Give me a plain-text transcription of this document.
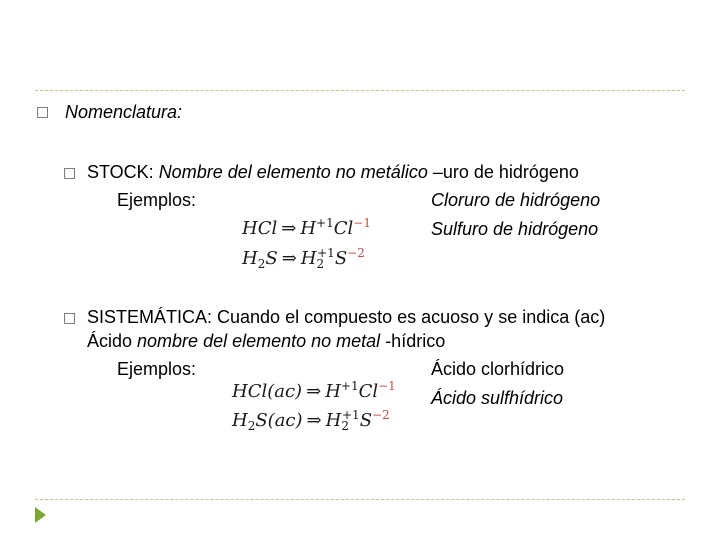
□ Nomenclatura:
□ STOCK: Nombre del elemento no metálico –uro de hidrógeno
Ejemplos:	Cloruro de hidrógeno
Sulfuro de hidrógeno
HCl ⇒ $H^{+1}Cl^{-1}$
$H_2S$ ⇒ $H_2^{+1}S^{-2}$
□ SISTEMÁTICA: Cuando el compuesto es acuoso y se indica (ac)
Ácido nombre del elemento no metal -hídrico
Ejemplos:	Ácido clorhídrico
Ácido sulfhídrico
HCl(ac) ⇒ $H^{+1}Cl^{-1}$
$H_2S(ac)$ ⇒ $H_2^{+1}S^{-2}$
